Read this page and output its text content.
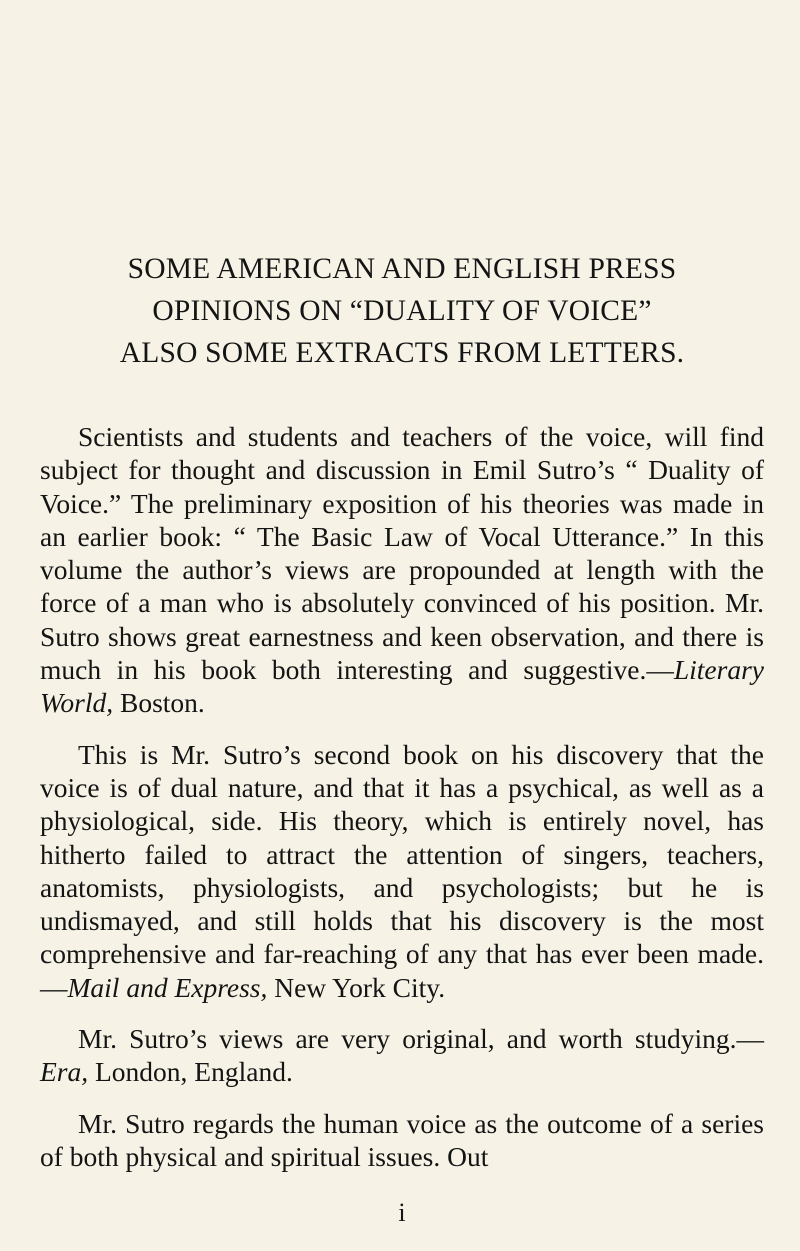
SOME AMERICAN AND ENGLISH PRESS
OPINIONS ON “DUALITY OF VOICE”
ALSO SOME EXTRACTS FROM LETTERS.

Scientists and students and teachers of the voice, will find subject for thought and discussion in Emil Sutro’s “ Duality of Voice.” The preliminary exposition of his theories was made in an earlier book: “ The Basic Law of Vocal Utterance.” In this volume the author’s views are propounded at length with the force of a man who is absolutely convinced of his position. Mr. Sutro shows great earnestness and keen observation, and there is much in his book both interesting and suggestive.—Literary World, Boston.

This is Mr. Sutro’s second book on his discovery that the voice is of dual nature, and that it has a psychical, as well as a physiological, side. His theory, which is entirely novel, has hitherto failed to attract the attention of singers, teachers, anatomists, physiologists, and psychologists; but he is undismayed, and still holds that his discovery is the most comprehensive and far-reaching of any that has ever been made.—Mail and Express, New York City.

Mr. Sutro’s views are very original, and worth studying.—Era, London, England.

Mr. Sutro regards the human voice as the outcome of a series of both physical and spiritual issues. Out

i
